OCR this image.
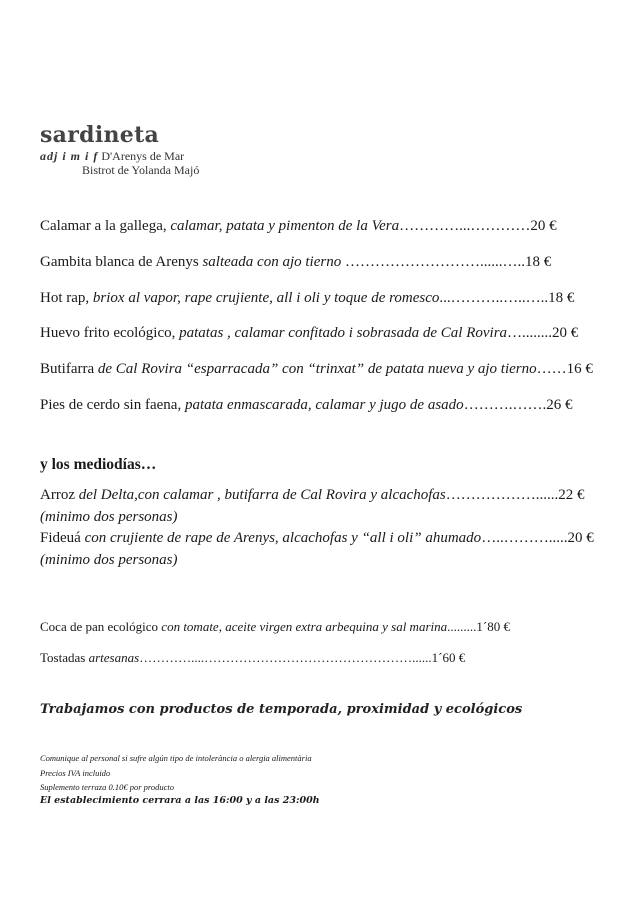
sardineta
adj i m i f D'Arenys de Mar
Bistrot de Yolanda Majó
Calamar a la gallega, calamar, patata y pimenton de la Vera…………...…………20 €
Gambita blanca de Arenys salteada con ajo tierno ………………………......…..18 €
Hot rap, briox al vapor, rape crujiente, all i oli y toque de romesco...………..…..…..18 €
Huevo frito ecológico, patatas , calamar confitado i sobrasada de Cal Rovira…........20 €
Butifarra de Cal Rovira “esparracada” con “trinxat” de patata nueva y ajo tierno……16 €
Pies de cerdo sin faena, patata enmascarada, calamar y jugo de asado……….…….26 €
y los mediodías…
Arroz del Delta,con calamar , butifarra de Cal Rovira y alcachofas………………......22 €
(minimo dos personas)
Fideuá con crujiente de rape de Arenys, alcachofas y “all i oli” ahumado…..……….....20 €
(minimo dos personas)
Coca de pan ecológico con tomate, aceite virgen extra arbequina y sal marina.........1´80 €
Tostadas artesanas…………....…………………………………………......1´60 €
Trabajamos con productos de temporada, proximidad y ecológicos
Comunique al personal si sufre algún tipo de intolerància o alergia alimentària
Precios IVA incluido
Suplemento terraza 0.10€ por producto
El establecimiento cerrara a las 16:00 y a las 23:00h
